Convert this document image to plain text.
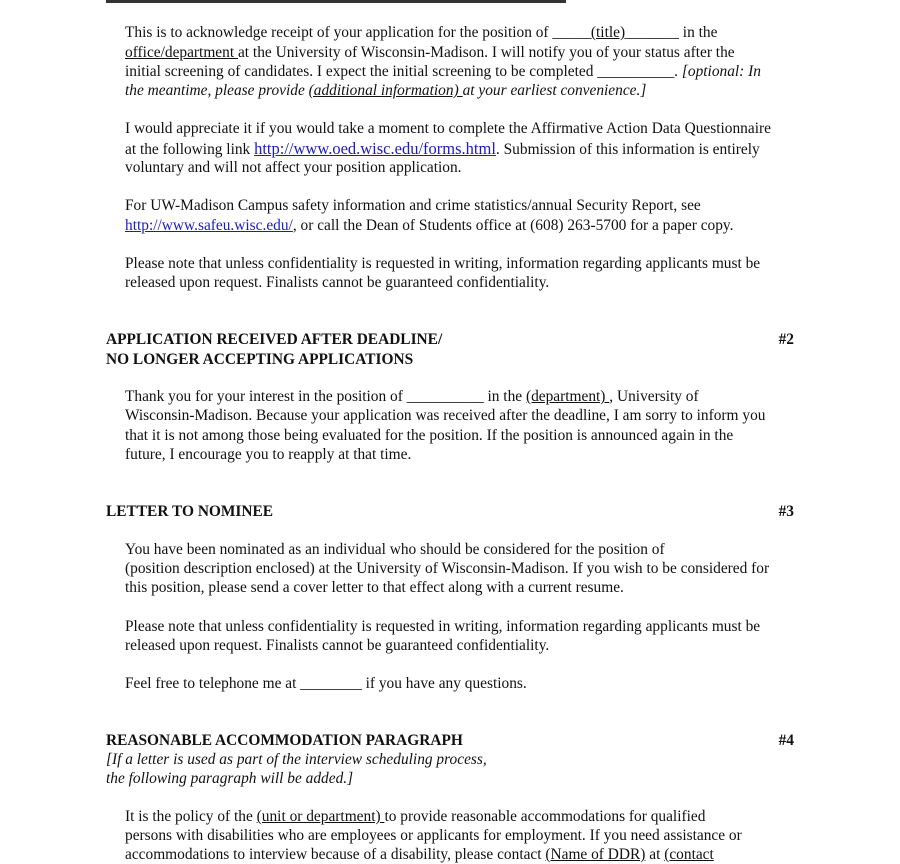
This is to acknowledge receipt of your application for the position of _____(title)_______ in the
office/department at the University of Wisconsin-Madison. I will notify you of your status after the
initial screening of candidates. I expect the initial screening to be completed __________. [optional: In
the meantime, please provide (additional information) at your earliest convenience.]
I would appreciate it if you would take a moment to complete the Affirmative Action Data Questionnaire
at the following link http://www.oed.wisc.edu/forms.html. Submission of this information is entirely
voluntary and will not affect your position application.
For UW-Madison Campus safety information and crime statistics/annual Security Report, see
http://www.safeu.wisc.edu/, or call the Dean of Students office at (608) 263-5700 for a paper copy.
Please note that unless confidentiality is requested in writing, information regarding applicants must be
released upon request. Finalists cannot be guaranteed confidentiality.
APPLICATION RECEIVED AFTER DEADLINE/	#2
NO LONGER ACCEPTING APPLICATIONS
Thank you for your interest in the position of __________ in the (department) , University of
Wisconsin-Madison. Because your application was received after the deadline, I am sorry to inform you
that it is not among those being evaluated for the position. If the position is announced again in the
future, I encourage you to reapply at that time.
LETTER TO NOMINEE	#3
You have been nominated as an individual who should be considered for the position of
(position description enclosed) at the University of Wisconsin-Madison. If you wish to be considered for
this position, please send a cover letter to that effect along with a current resume.
Please note that unless confidentiality is requested in writing, information regarding applicants must be
released upon request. Finalists cannot be guaranteed confidentiality.
Feel free to telephone me at ________ if you have any questions.
REASONABLE ACCOMMODATION PARAGRAPH	#4
[If a letter is used as part of the interview scheduling process,
the following paragraph will be added.]
It is the policy of the (unit or department) to provide reasonable accommodations for qualified
persons with disabilities who are employees or applicants for employment. If you need assistance or
accommodations to interview because of a disability, please contact (Name of DDR) at (contact
